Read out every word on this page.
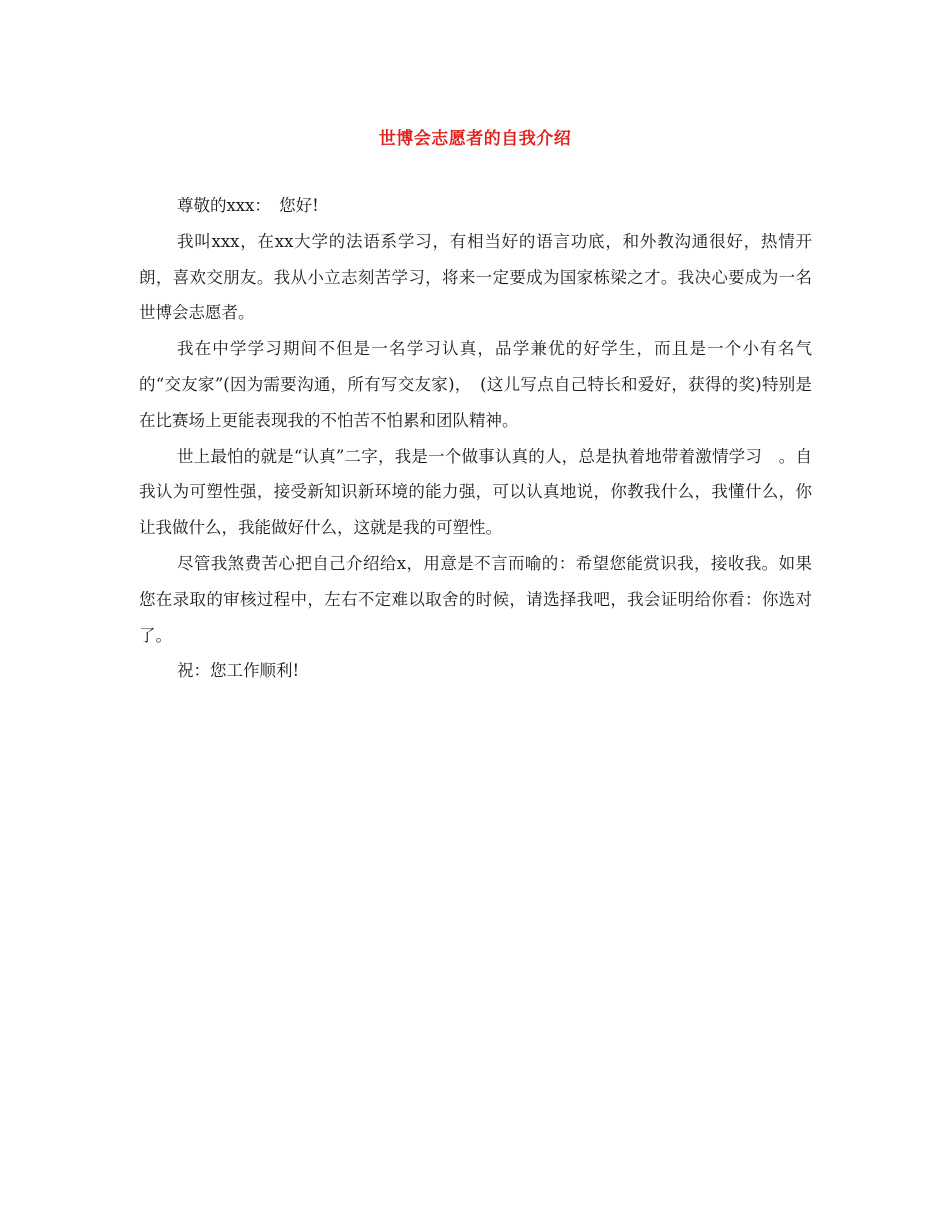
世博会志愿者的自我介绍

尊敬的xxx：　您好!

我叫xxx，在xx大学的法语系学习，有相当好的语言功底，和外教沟通很好，热情开朗，喜欢交朋友。我从小立志刻苦学习，将来一定要成为国家栋梁之才。我决心要成为一名世博会志愿者。

我在中学学习期间不但是一名学习认真，品学兼优的好学生，而且是一个小有名气的“交友家”(因为需要沟通，所有写交友家)，　(这儿写点自己特长和爱好，获得的奖)特别是在比赛场上更能表现我的不怕苦不怕累和团队精神。

世上最怕的就是“认真”二字，我是一个做事认真的人，总是执着地带着激情学习　。自我认为可塑性强，接受新知识新环境的能力强，可以认真地说，你教我什么，我懂什么，你让我做什么，我能做好什么，这就是我的可塑性。

尽管我煞费苦心把自己介绍给x，用意是不言而喻的：希望您能赏识我，接收我。如果您在录取的审核过程中，左右不定难以取舍的时候，请选择我吧，我会证明给你看：你选对了。

祝：您工作顺利!
